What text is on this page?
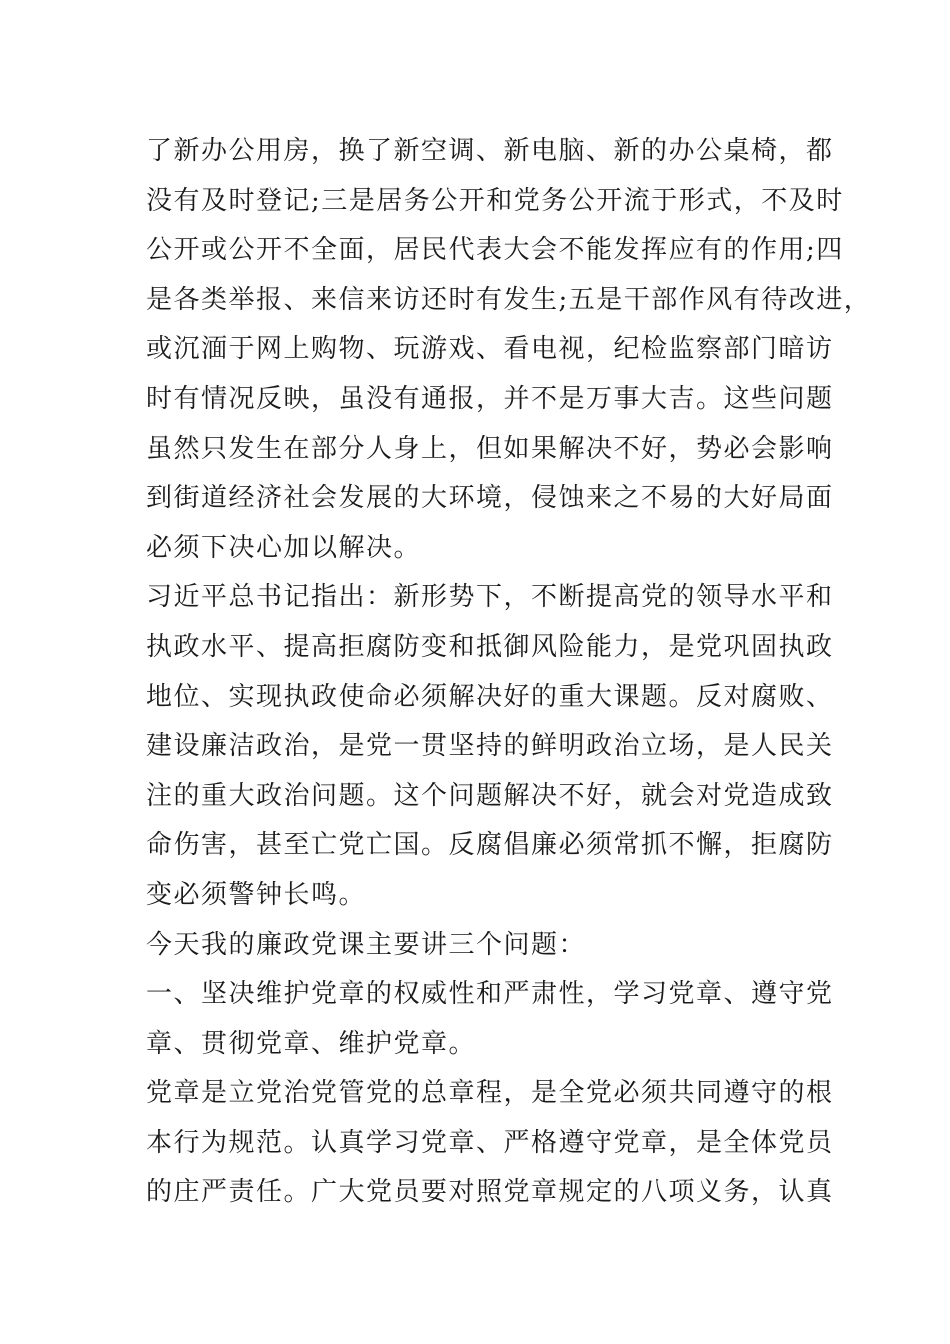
了新办公用房，换了新空调、新电脑、新的办公桌椅，都
没有及时登记;三是居务公开和党务公开流于形式，不及时
公开或公开不全面，居民代表大会不能发挥应有的作用;四
是各类举报、来信来访还时有发生;五是干部作风有待改进，
或沉湎于网上购物、玩游戏、看电视，纪检监察部门暗访
时有情况反映，虽没有通报，并不是万事大吉。这些问题
虽然只发生在部分人身上，但如果解决不好，势必会影响
到街道经济社会发展的大环境，侵蚀来之不易的大好局面
必须下决心加以解决。
习近平总书记指出：新形势下，不断提高党的领导水平和
执政水平、提高拒腐防变和抵御风险能力，是党巩固执政
地位、实现执政使命必须解决好的重大课题。反对腐败、
建设廉洁政治，是党一贯坚持的鲜明政治立场，是人民关
注的重大政治问题。这个问题解决不好，就会对党造成致
命伤害，甚至亡党亡国。反腐倡廉必须常抓不懈，拒腐防
变必须警钟长鸣。
今天我的廉政党课主要讲三个问题：
一、坚决维护党章的权威性和严肃性，学习党章、遵守党
章、贯彻党章、维护党章。
党章是立党治党管党的总章程，是全党必须共同遵守的根
本行为规范。认真学习党章、严格遵守党章，是全体党员
的庄严责任。广大党员要对照党章规定的八项义务，认真
